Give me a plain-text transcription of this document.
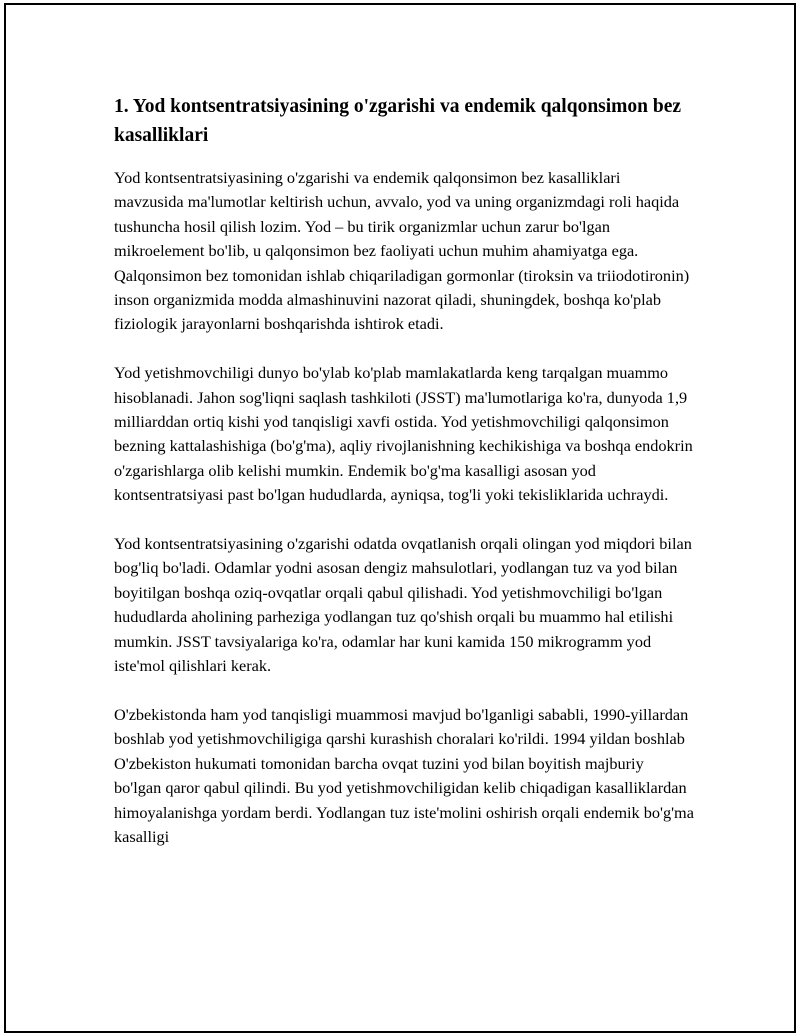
1. Yod kontsentratsiyasining o'zgarishi va endemik qalqonsimon bez kasalliklari

Yod kontsentratsiyasining o'zgarishi va endemik qalqonsimon bez kasalliklari mavzusida ma'lumotlar keltirish uchun, avvalo, yod va uning organizmdagi roli haqida tushuncha hosil qilish lozim. Yod – bu tirik organizmlar uchun zarur bo'lgan mikroelement bo'lib, u qalqonsimon bez faoliyati uchun muhim ahamiyatga ega. Qalqonsimon bez tomonidan ishlab chiqariladigan gormonlar (tiroksin va triiodotironin) inson organizmida modda almashinuvini nazorat qiladi, shuningdek, boshqa ko'plab fiziologik jarayonlarni boshqarishda ishtirok etadi.

Yod yetishmovchiligi dunyo bo'ylab ko'plab mamlakatlarda keng tarqalgan muammo hisoblanadi. Jahon sog'liqni saqlash tashkiloti (JSST) ma'lumotlariga ko'ra, dunyoda 1,9 milliarddan ortiq kishi yod tanqisligi xavfi ostida. Yod yetishmovchiligi qalqonsimon bezning kattalashishiga (bo'g'ma), aqliy rivojlanishning kechikishiga va boshqa endokrin o'zgarishlarga olib kelishi mumkin. Endemik bo'g'ma kasalligi asosan yod kontsentratsiyasi past bo'lgan hududlarda, ayniqsa, tog'li yoki tekisliklarida uchraydi.

Yod kontsentratsiyasining o'zgarishi odatda ovqatlanish orqali olingan yod miqdori bilan bog'liq bo'ladi. Odamlar yodni asosan dengiz mahsulotlari, yodlangan tuz va yod bilan boyitilgan boshqa oziq-ovqatlar orqali qabul qilishadi. Yod yetishmovchiligi bo'lgan hududlarda aholining parheziga yodlangan tuz qo'shish orqali bu muammo hal etilishi mumkin. JSST tavsiyalariga ko'ra, odamlar har kuni kamida 150 mikrogramm yod iste'mol qilishlari kerak.

O'zbekistonda ham yod tanqisligi muammosi mavjud bo'lganligi sababli, 1990-yillardan boshlab yod yetishmovchiligiga qarshi kurashish choralari ko'rildi. 1994 yildan boshlab O'zbekiston hukumati tomonidan barcha ovqat tuzini yod bilan boyitish majburiy bo'lgan qaror qabul qilindi. Bu yod yetishmovchiligidan kelib chiqadigan kasalliklardan himoyalanishga yordam berdi. Yodlangan tuz iste'molini oshirish orqali endemik bo'g'ma kasalligi
